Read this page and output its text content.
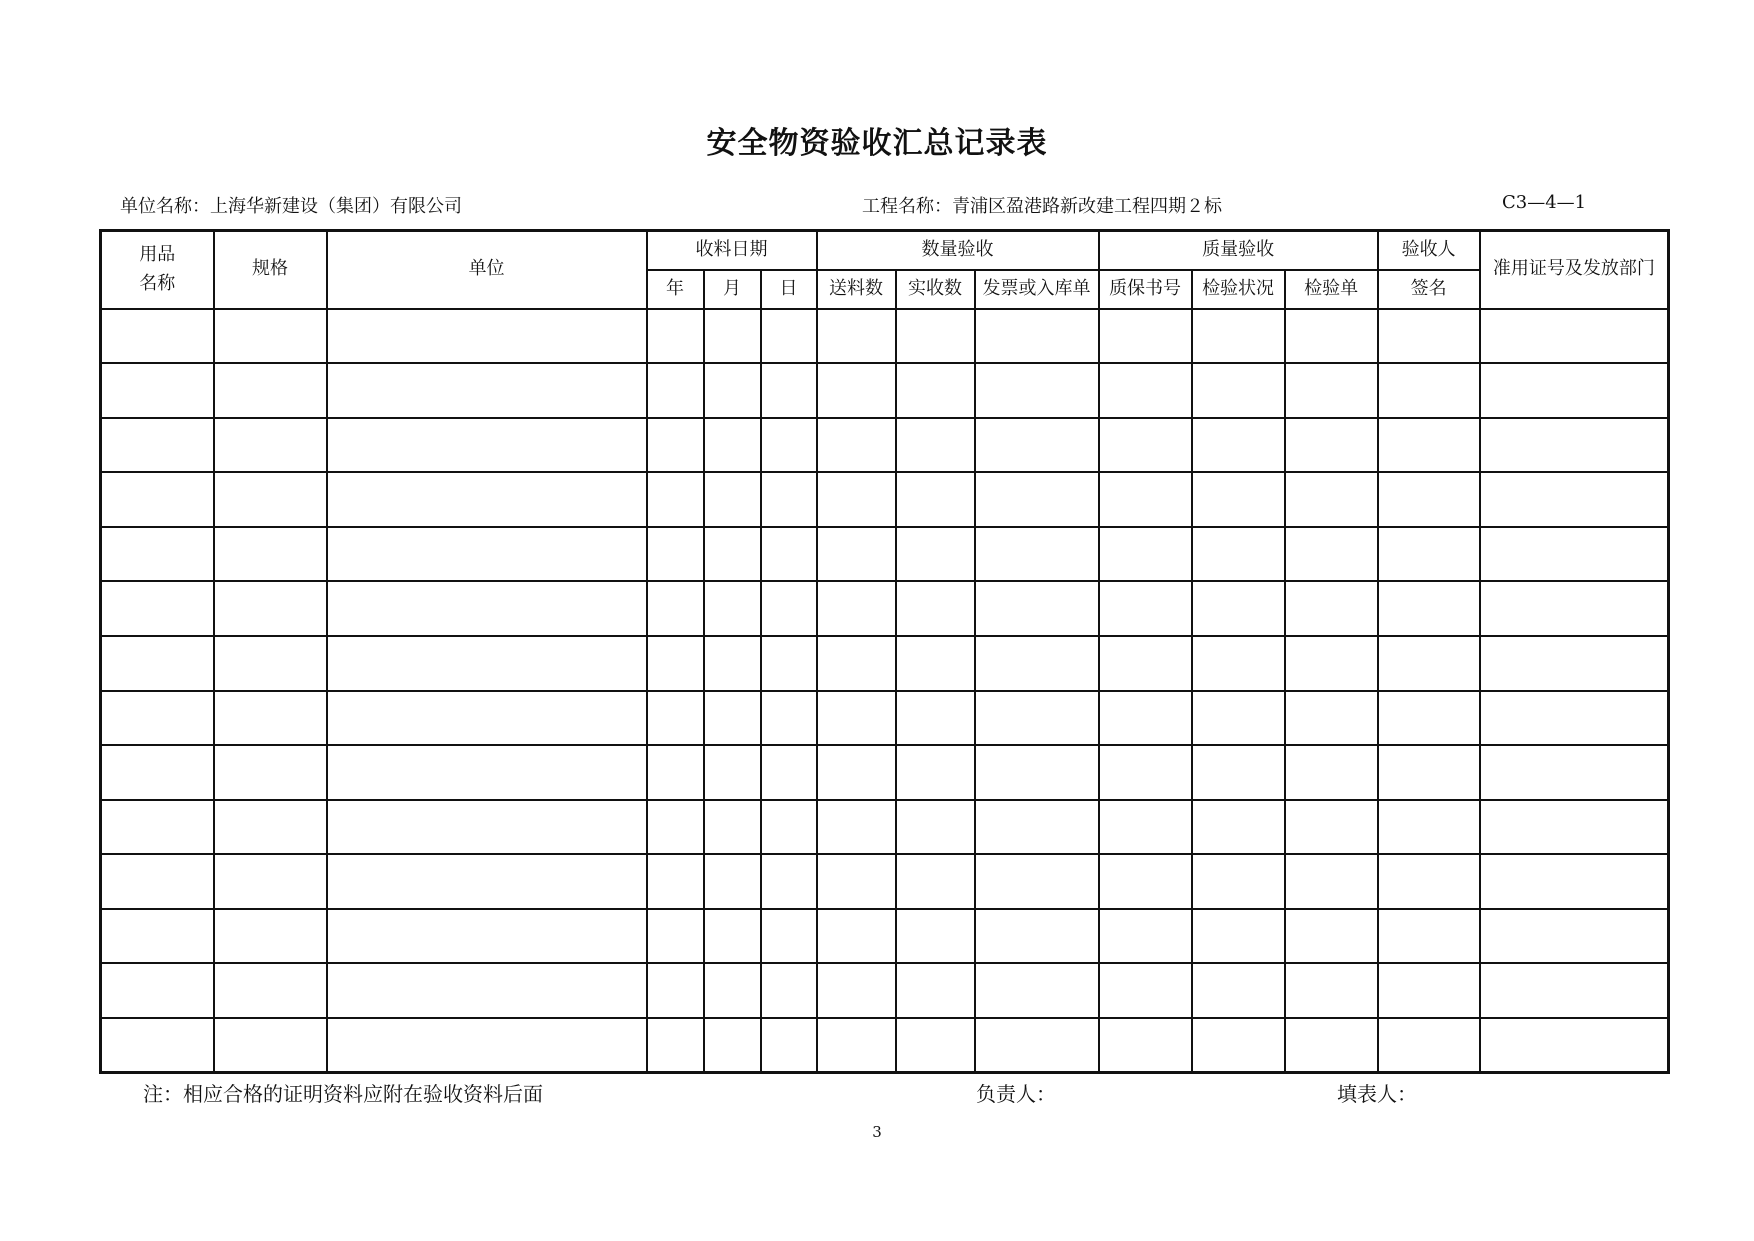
安全物资验收汇总记录表
单位名称：上海华新建设（集团）有限公司	工程名称：青浦区盈港路新改建工程四期２标	C3—4—1
用品
名称	规格	单位	收料日期			数量验收			质量验收			验收人	准用证号及发放部门
			年	月	日	送料数	实收数	发票或入库单	质保书号	检验状况	检验单	签名	

注：相应合格的证明资料应附在验收资料后面	负责人：	填表人：
3
